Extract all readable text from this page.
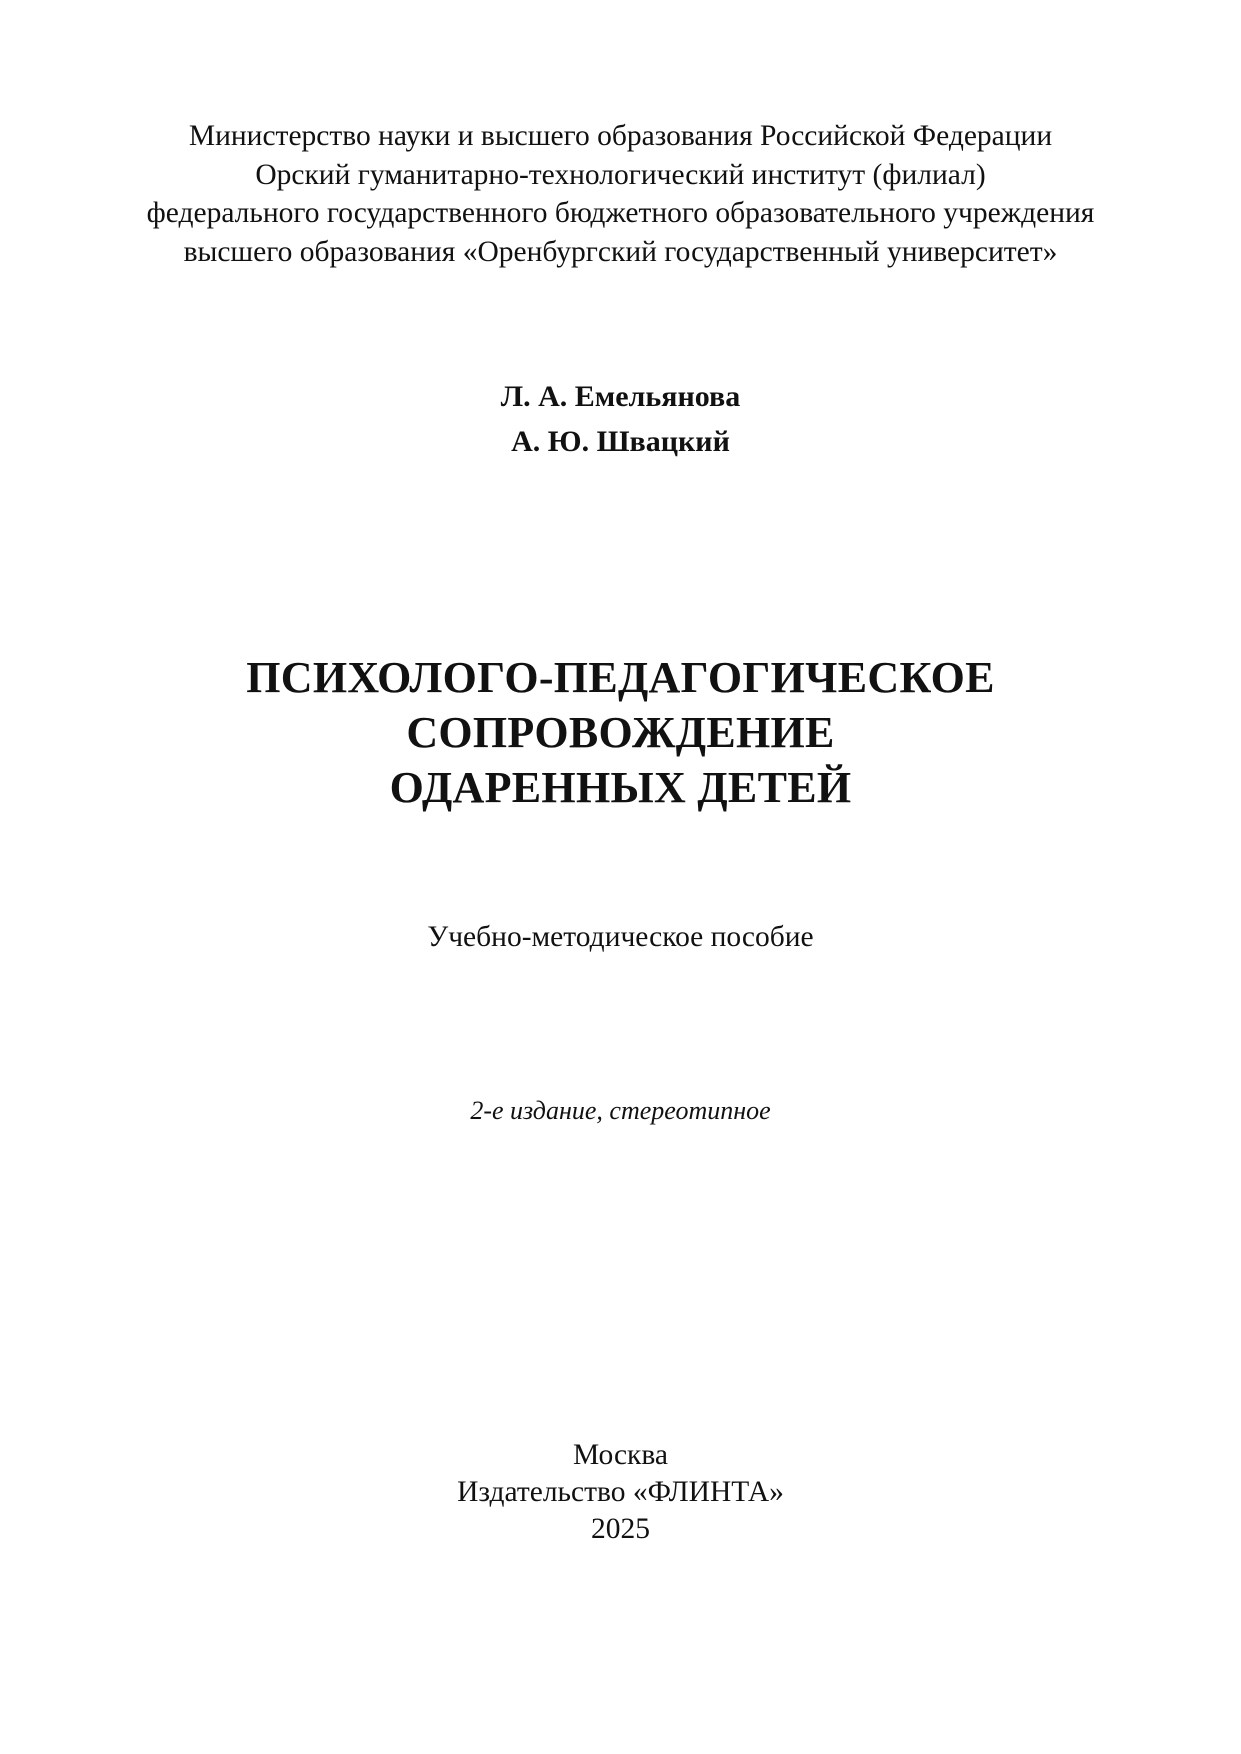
Министерство науки и высшего образования Российской Федерации
Орский гуманитарно-технологический институт (филиал)
федерального государственного бюджетного образовательного учреждения
высшего образования «Оренбургский государственный университет»
Л. А. Емельянова
А. Ю. Швацкий
ПСИХОЛОГО-ПЕДАГОГИЧЕСКОЕ
СОПРОВОЖДЕНИЕ
ОДАРЕННЫХ ДЕТЕЙ
Учебно-методическое пособие
2-е издание, стереотипное
Москва
Издательство «ФЛИНТА»
2025
